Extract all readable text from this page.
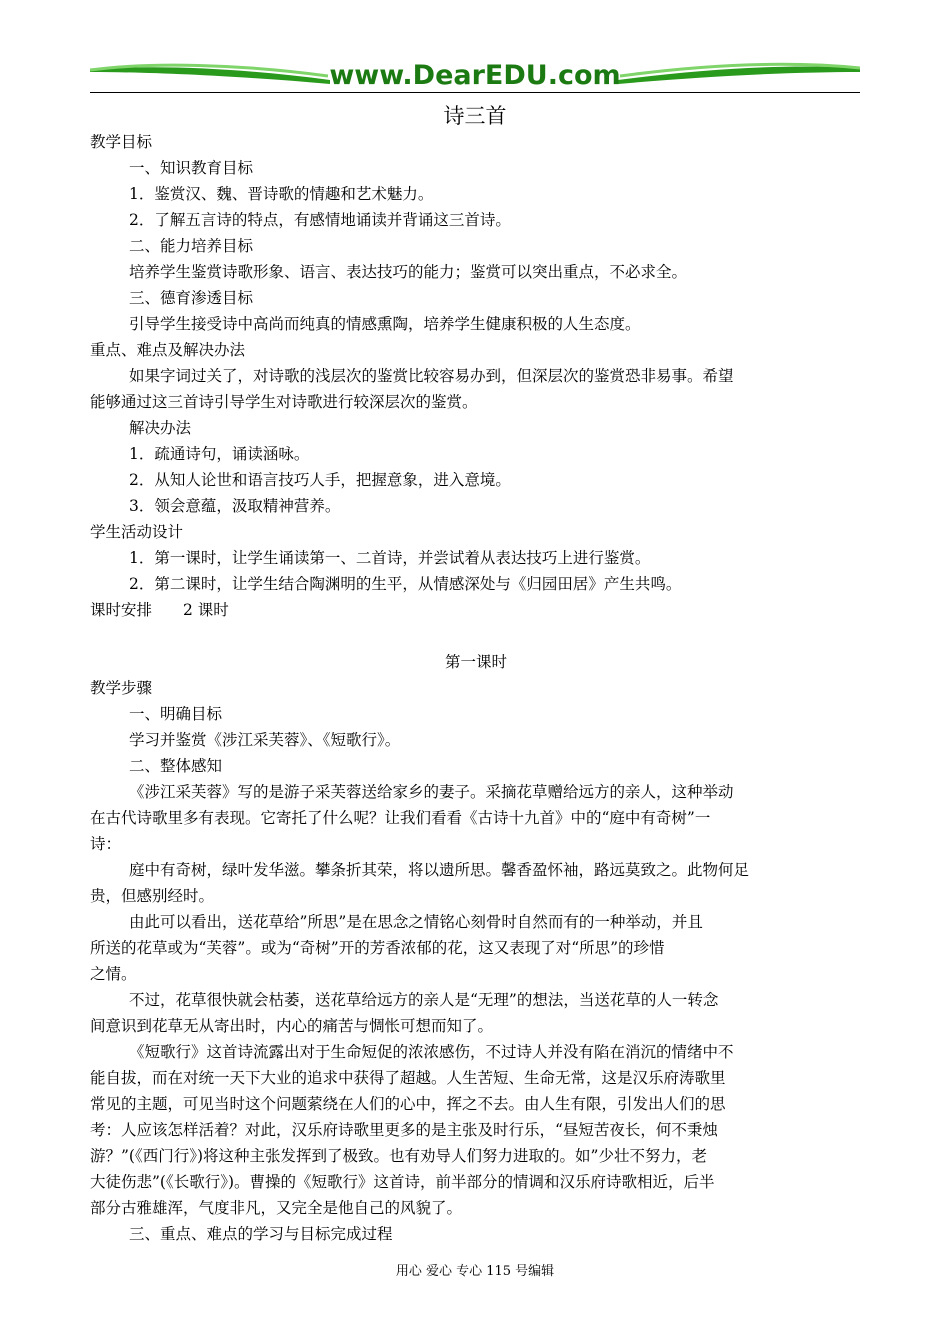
www.DearEDU.com
诗三首
教学目标
一、知识教育目标
1．鉴赏汉、魏、晋诗歌的情趣和艺术魅力。
2．了解五言诗的特点，有感情地诵读并背诵这三首诗。
二、能力培养目标
培养学生鉴赏诗歌形象、语言、表达技巧的能力；鉴赏可以突出重点，不必求全。
三、德育渗透目标
引导学生接受诗中高尚而纯真的情感熏陶，培养学生健康积极的人生态度。
重点、难点及解决办法
如果字词过关了，对诗歌的浅层次的鉴赏比较容易办到，但深层次的鉴赏恐非易事。希望
能够通过这三首诗引导学生对诗歌进行较深层次的鉴赏。
解决办法
1．疏通诗句，诵读涵咏。
2．从知人论世和语言技巧人手，把握意象，进入意境。
3．领会意蕴，汲取精神营养。
学生活动设计
1．第一课时，让学生诵读第一、二首诗，并尝试着从表达技巧上进行鉴赏。
2．第二课时，让学生结合陶渊明的生平，从情感深处与《归园田居》产生共鸣。
课时安排　　2 课时
第一课时
教学步骤
一、明确目标
学习并鉴赏《涉江采芙蓉》、《短歌行》。
二、整体感知
《涉江采芙蓉》写的是游子采芙蓉送给家乡的妻子。采摘花草赠给远方的亲人，这种举动
在古代诗歌里多有表现。它寄托了什么呢？让我们看看《古诗十九首》中的“庭中有奇树”一
诗：
庭中有奇树，绿叶发华滋。攀条折其荣，将以遗所思。馨香盈怀袖，路远莫致之。此物何足
贵，但感别经时。
由此可以看出，送花草给”所思”是在思念之情铭心刻骨时自然而有的一种举动，并且
所送的花草或为“芙蓉”。或为“奇树”开的芳香浓郁的花，这又表现了对“所思”的珍惜
之情。
不过，花草很快就会枯萎，送花草给远方的亲人是“无理”的想法，当送花草的人一转念
间意识到花草无从寄出时，内心的痛苦与惆怅可想而知了。
《短歌行》这首诗流露出对于生命短促的浓浓感伤，不过诗人并没有陷在消沉的情绪中不
能自拔，而在对统一天下大业的追求中获得了超越。人生苦短、生命无常，这是汉乐府涛歌里
常见的主题，可见当时这个问题萦绕在人们的心中，挥之不去。由人生有限，引发出人们的思
考：人应该怎样活着？对此，汉乐府诗歌里更多的是主张及时行乐，“昼短苦夜长，何不秉烛
游？”(《西门行》)将这种主张发挥到了极致。也有劝导人们努力进取的。如”少壮不努力，老
大徒伤悲”(《长歌行》)。曹操的《短歌行》这首诗，前半部分的情调和汉乐府诗歌相近，后半
部分古雅雄浑，气度非凡，又完全是他自己的风貌了。
三、重点、难点的学习与目标完成过程
用心 爱心 专心 115 号编辑
